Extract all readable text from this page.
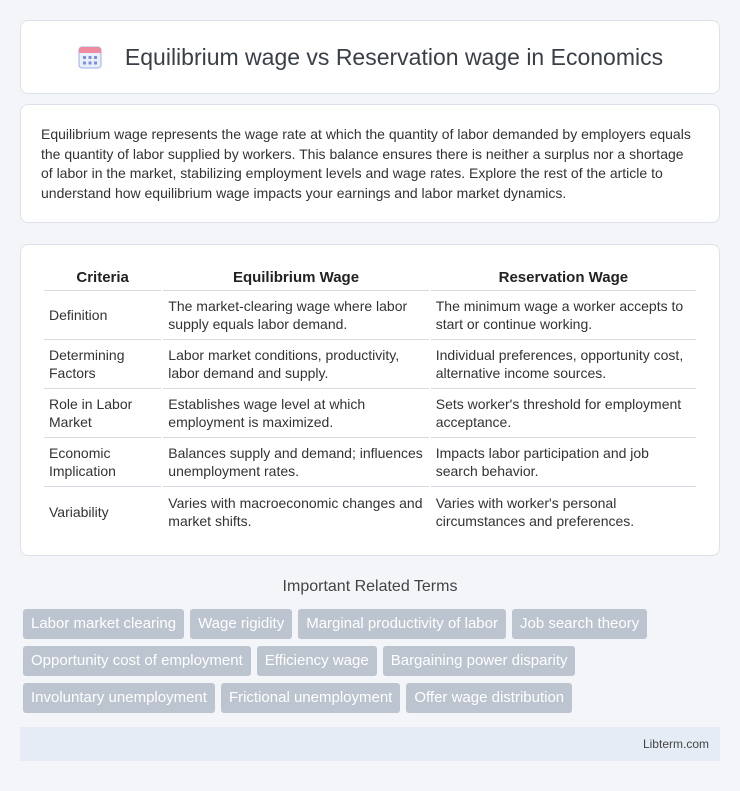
Equilibrium wage vs Reservation wage in Economics

Equilibrium wage represents the wage rate at which the quantity of labor demanded by employers equals the quantity of labor supplied by workers. This balance ensures there is neither a surplus nor a shortage of labor in the market, stabilizing employment levels and wage rates. Explore the rest of the article to understand how equilibrium wage impacts your earnings and labor market dynamics.

Criteria	Equilibrium Wage	Reservation Wage
Definition	The market-clearing wage where labor supply equals labor demand.	The minimum wage a worker accepts to start or continue working.
Determining Factors	Labor market conditions, productivity, labor demand and supply.	Individual preferences, opportunity cost, alternative income sources.
Role in Labor Market	Establishes wage level at which employment is maximized.	Sets worker's threshold for employment acceptance.
Economic Implication	Balances supply and demand; influences unemployment rates.	Impacts labor participation and job search behavior.
Variability	Varies with macroeconomic changes and market shifts.	Varies with worker's personal circumstances and preferences.
Important Related Terms
Labor market clearing	Wage rigidity	Marginal productivity of labor	Job search theory
Opportunity cost of employment	Efficiency wage	Bargaining power disparity
Involuntary unemployment	Frictional unemployment	Offer wage distribution
Libterm.com
